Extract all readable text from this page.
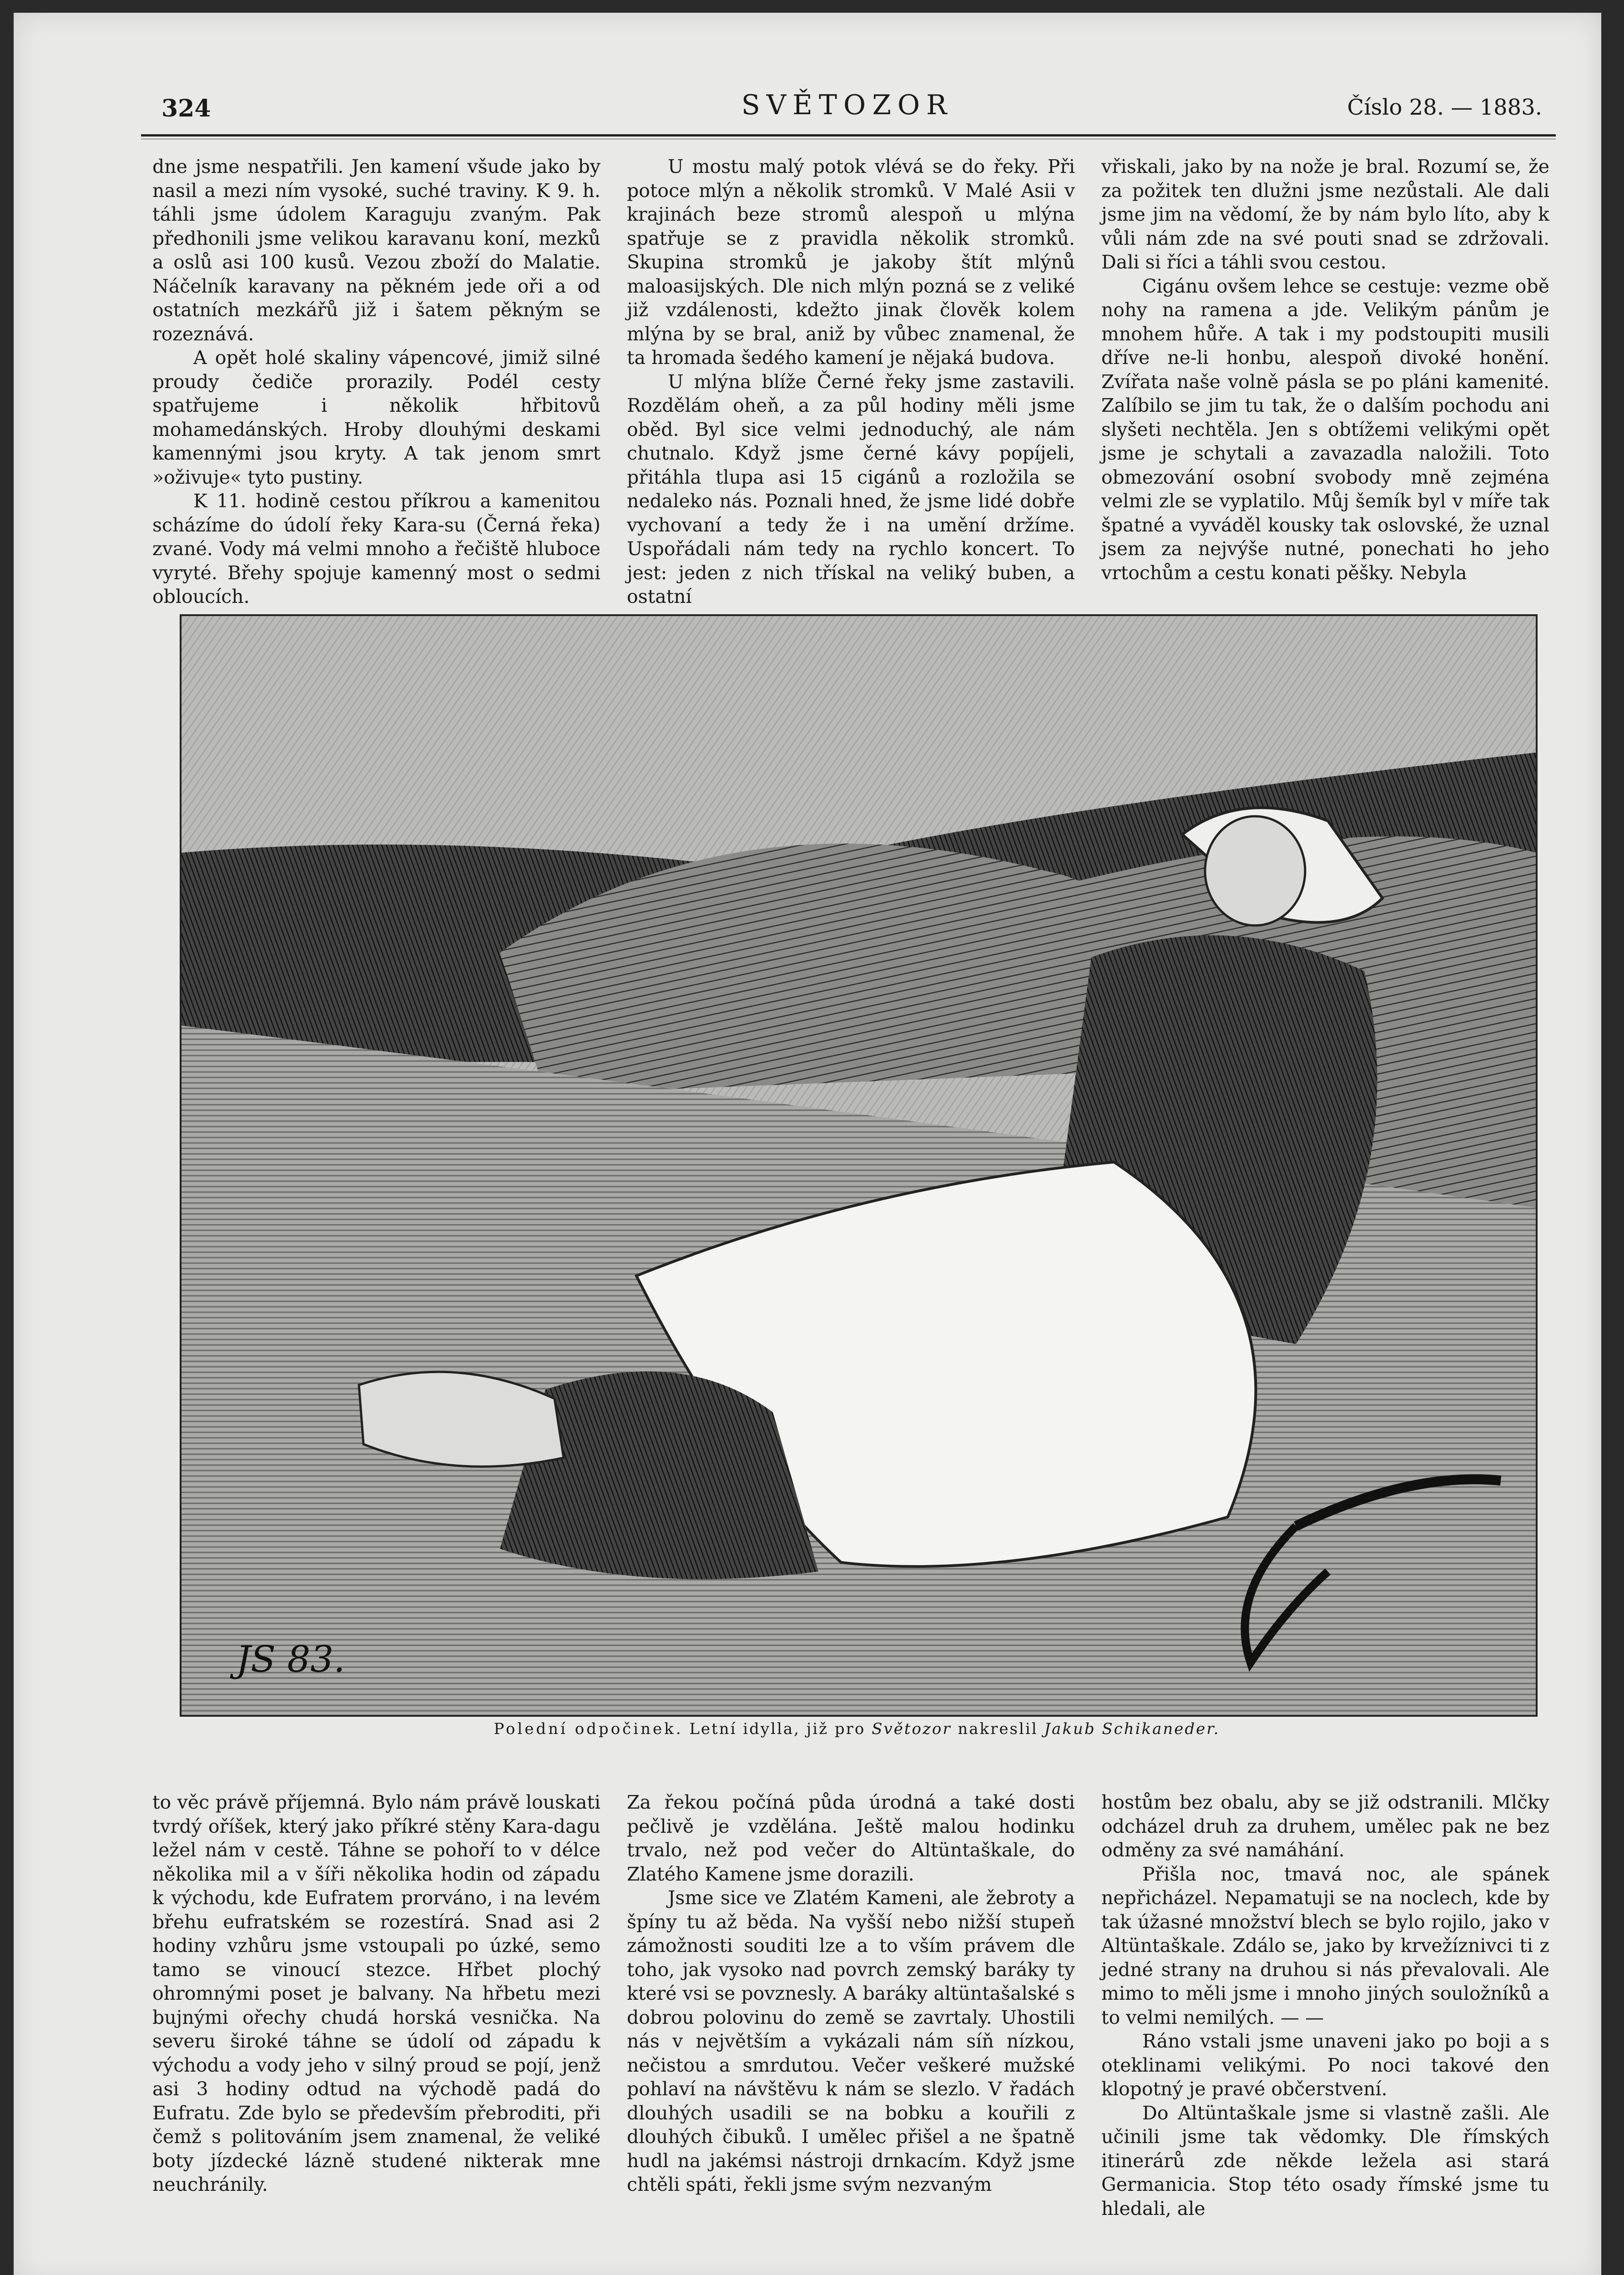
324	SVĚTOZOR	Číslo 28. — 1883.

dne jsme nespatřili. Jen kamení všude jako by nasil a mezi ním vysoké, suché traviny. K 9. h. táhli jsme údolem Karaguju zvaným. Pak předhonili jsme velikou karavanu koní, mezků a oslů asi 100 kusů. Vezou zboží do Malatie. Náčelník karavany na pěkném jede oři a od ostatních mezkářů již i šatem pěkným se rozeznává.

A opět holé skaliny vápencové, jimiž silné proudy čediče prorazily. Podél cesty spatřujeme i několik hřbitovů mohamedánských. Hroby dlouhými deskami kamennými jsou kryty. A tak jenom smrt »oživuje« tyto pustiny.

K 11. hodině cestou příkrou a kamenitou scházíme do údolí řeky Kara-su (Černá řeka) zvané. Vody má velmi mnoho a řečiště hluboce vyryté. Břehy spojuje kamenný most o sedmi obloucích.

U mostu malý potok vlévá se do řeky. Při potoce mlýn a několik stromků. V Malé Asii v krajinách beze stromů alespoň u mlýna spatřuje se z pravidla několik stromků. Skupina stromků je jakoby štít mlýnů maloasijských. Dle nich mlýn pozná se z veliké již vzdálenosti, kdežto jinak člověk kolem mlýna by se bral, aniž by vůbec znamenal, že ta hromada šedého kamení je nějaká budova.

U mlýna blíže Černé řeky jsme zastavili. Rozdělám oheň, a za půl hodiny měli jsme oběd. Byl sice velmi jednoduchý, ale nám chutnalo. Když jsme černé kávy popíjeli, přitáhla tlupa asi 15 cigánů a rozložila se nedaleko nás. Poznali hned, že jsme lidé dobře vychovaní a tedy že i na umění držíme. Uspořádali nám tedy na rychlo koncert. To jest: jeden z nich třískal na veliký buben, a ostatní

vřiskali, jako by na nože je bral. Rozumí se, že za požitek ten dlužni jsme nezůstali. Ale dali jsme jim na vědomí, že by nám bylo líto, aby k vůli nám zde na své pouti snad se zdržovali. Dali si říci a táhli svou cestou.

Cigánu ovšem lehce se cestuje: vezme obě nohy na ramena a jde. Velikým pánům je mnohem hůře. A tak i my podstoupiti musili dříve ne-li honbu, alespoň divoké honění. Zvířata naše volně pásla se po pláni kamenité. Zalíbilo se jim tu tak, že o dalším pochodu ani slyšeti nechtěla. Jen s obtížemi velikými opět jsme je schytali a zavazadla naložili. Toto obmezování osobní svobody mně zejména velmi zle se vyplatilo. Můj šemík byl v míře tak špatné a vyváděl kousky tak oslovské, že uznal jsem za nejvýše nutné, ponechati ho jeho vrtochům a cestu konati pěšky. Nebyla

JS 83.
Polední odpočinek. Letní idylla, již pro Světozor nakreslil Jakub Schikaneder.

to věc právě příjemná. Bylo nám právě louskati tvrdý oříšek, který jako příkré stěny Kara-dagu ležel nám v cestě. Táhne se pohoří to v délce několika mil a v šíři několika hodin od západu k východu, kde Eufratem prorváno, i na levém břehu eufratském se rozestírá. Snad asi 2 hodiny vzhůru jsme vstoupali po úzké, semo tamo se vinoucí stezce. Hřbet plochý ohromnými poset je balvany. Na hřbetu mezi bujnými ořechy chudá horská vesnička. Na severu široké táhne se údolí od západu k východu a vody jeho v silný proud se pojí, jenž asi 3 hodiny odtud na východě padá do Eufratu. Zde bylo se především přebroditi, při čemž s politováním jsem znamenal, že veliké boty jízdecké lázně studené nikterak mne neuchránily.

Za řekou počíná půda úrodná a také dosti pečlivě je vzdělána. Ještě malou hodinku trvalo, než pod večer do Altüntaškale, do Zlatého Kamene jsme dorazili.

Jsme sice ve Zlatém Kameni, ale žebroty a špíny tu až běda. Na vyšší nebo nižší stupeň zámožnosti souditi lze a to vším právem dle toho, jak vysoko nad povrch zemský baráky ty které vsi se povznesly. A baráky altüntašalské s dobrou polovinu do země se zavrtaly. Uhostili nás v největším a vykázali nám síň nízkou, nečistou a smrdutou. Večer veškeré mužské pohlaví na návštěvu k nám se slezlo. V řadách dlouhých usadili se na bobku a kouřili z dlouhých čibuků. I umělec přišel a ne špatně hudl na jakémsi nástroji drnkacím. Když jsme chtěli spáti, řekli jsme svým nezvaným

hostům bez obalu, aby se již odstranili. Mlčky odcházel druh za druhem, umělec pak ne bez odměny za své namáhání.

Přišla noc, tmavá noc, ale spánek nepřicházel. Nepamatuji se na noclech, kde by tak úžasné množství blech se bylo rojilo, jako v Altüntaškale. Zdálo se, jako by krvežíznivci ti z jedné strany na druhou si nás převalovali. Ale mimo to měli jsme i mnoho jiných souložníků a to velmi nemilých. — —

Ráno vstali jsme unaveni jako po boji a s oteklinami velikými. Po noci takové den klopotný je pravé občerstvení.

Do Altüntaškale jsme si vlastně zašli. Ale učinili jsme tak vědomky. Dle římských itinerárů zde někde ležela asi stará Germanicia. Stop této osady římské jsme tu hledali, ale
